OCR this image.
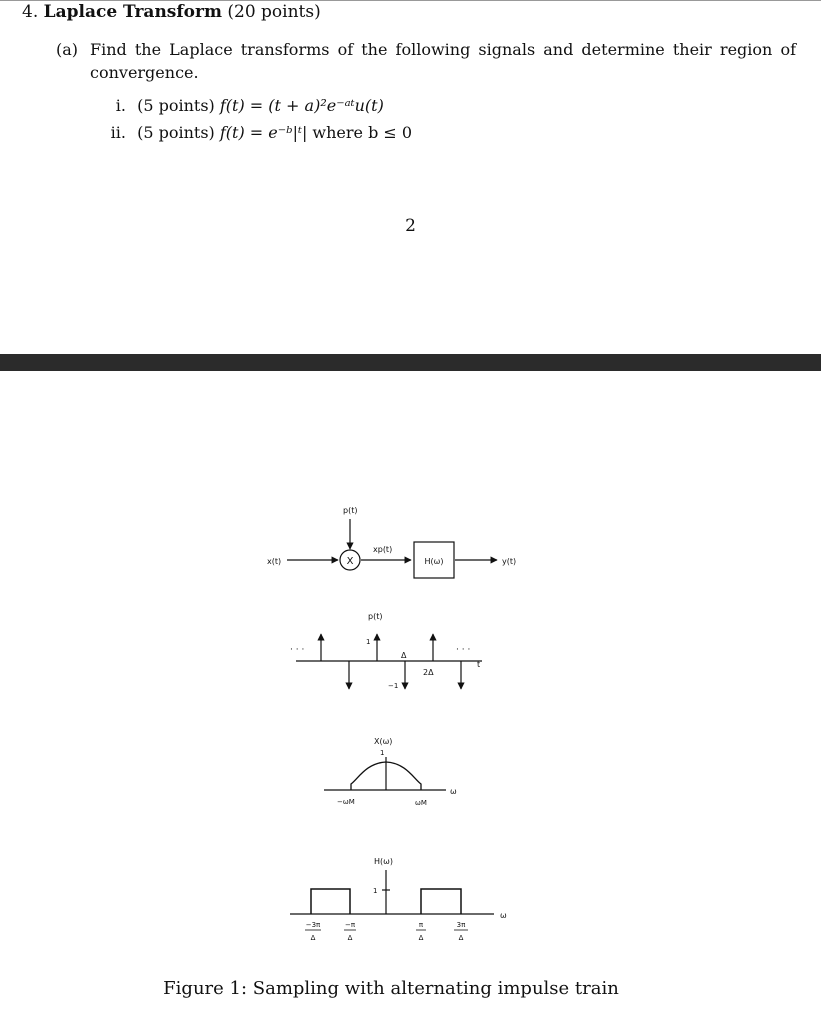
4. Laplace Transform (20 points)
(a) Find the Laplace transforms of the following signals and determine their region of convergence.
i. (5 points) f(t) = (t + a)²e⁻ᵃᵗu(t)
ii. (5 points) f(t) = e⁻ᵇ|ᵗ| where b ≤ 0
2
x(t)
p(t)
X
xp(t)
H(ω)	y(t)
p(t)
t
· · ·	· · ·
1
−1
Δ
2Δ
X(ω)
1
ω
−ωM	ωM
H(ω)
1
ω
−3π
Δ
−π
Δ
π
Δ
3π
Δ
Figure 1: Sampling with alternating impulse train
